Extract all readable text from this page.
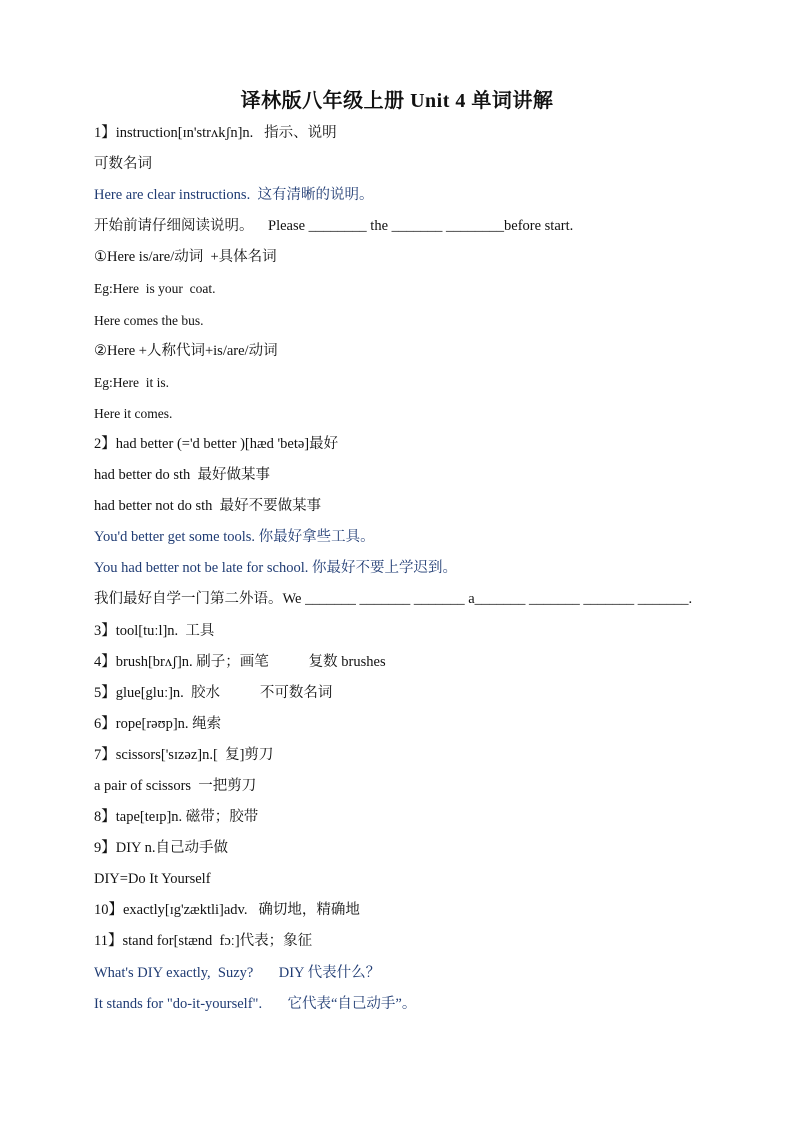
译林版八年级上册 Unit 4 单词讲解

1】instruction[ɪn'strʌkʃn]n.   指示、说明

可数名词

Here are clear instructions.  这有清晰的说明。

开始前请仔细阅读说明。    Please ________ the _______ ________before start.

①Here is/are/动词  +具体名词

Eg:Here  is your  coat.

Here comes the bus.

②Here +人称代词+is/are/动词

Eg:Here  it is.

Here it comes.

2】had better (='d better )[hæd 'betə]最好

had better do sth  最好做某事

had better not do sth  最好不要做某事

You'd better get some tools. 你最好拿些工具。

You had better not be late for school. 你最好不要上学迟到。

我们最好自学一门第二外语。We _______ _______ _______ a_______ _______ _______ _______.

3】tool[tuːl]n.  工具

4】brush[brʌʃ]n. 刷子；画笔           复数 brushes

5】glue[gluː]n.  胶水           不可数名词

6】rope[rəʊp]n. 绳索

7】scissors['sɪzəz]n.[  复]剪刀

a pair of scissors  一把剪刀

8】tape[teɪp]n. 磁带；胶带

9】DIY n.自己动手做

DIY=Do It Yourself

10】exactly[ɪg'zæktli]adv.   确切地，精确地

11】stand for[stænd  fɔː]代表；象征

What's DIY exactly,  Suzy?       DIY 代表什么？

It stands for "do-it-yourself".       它代表“自己动手”。
